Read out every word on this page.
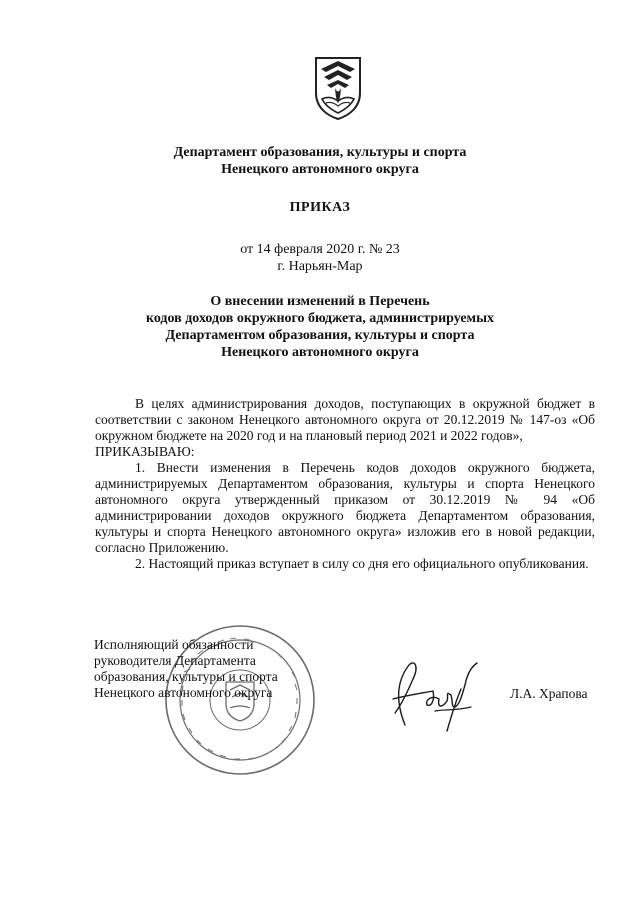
Департамент образования, культуры и спорта
Ненецкого автономного округа
ПРИКАЗ
от 14 февраля 2020 г. № 23
г. Нарьян-Мар
О внесении изменений в Перечень
кодов доходов окружного бюджета, администрируемых
Департаментом образования, культуры и спорта
Ненецкого автономного округа

В целях администрирования доходов, поступающих в окружной бюджет в соответствии с законом Ненецкого автономного округа от 20.12.2019 № 147-оз «Об окружном бюджете на 2020 год и на плановый период 2021 и 2022 годов»,

ПРИКАЗЫВАЮ:

1. Внести изменения в Перечень кодов доходов окружного бюджета, администрируемых Департаментом образования, культуры и спорта Ненецкого автономного округа утвержденный приказом от 30.12.2019 № 94 «Об администрировании доходов окружного бюджета Департаментом образования, культуры и спорта Ненецкого автономного округа» изложив его в новой редакции, согласно Приложению.

2. Настоящий приказ вступает в силу со дня его официального опубликования.

Исполняющий обязанности
руководителя Департамента
образования, культуры и спорта
Ненецкого автономного округа	Л.А. Храпова
